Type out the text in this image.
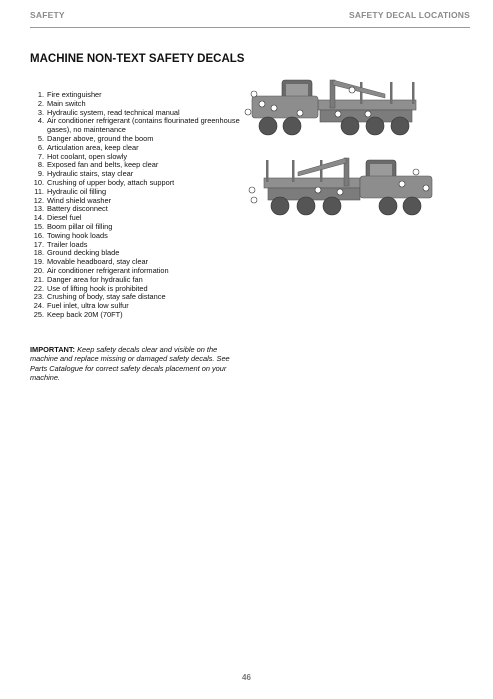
SAFETY	SAFETY DECAL LOCATIONS
MACHINE NON-TEXT SAFETY DECALS
1. Fire extinguisher
2. Main switch
3. Hydraulic system, read technical manual
4. Air conditioner refrigerant (contains flourinated greenhouse gases), no maintenance
5. Danger above, ground the boom
6. Articulation area, keep clear
7. Hot coolant, open slowly
8. Exposed fan and belts, keep clear
9. Hydraulic stairs, stay clear
10. Crushing of upper body, attach support
11. Hydraulic oil filling
12. Wind shield washer
13. Battery disconnect
14. Diesel fuel
15. Boom pillar oil filling
16. Towing hook loads
17. Trailer loads
18. Ground decking blade
19. Movable headboard, stay clear
20. Air conditioner refrigerant information
21. Danger area for hydraulic fan
22. Use of lifting hook is prohibited
23. Crushing of body, stay safe distance
24. Fuel inlet, ultra low sulfur
25. Keep back 20M (70FT)
IMPORTANT: Keep safety decals clear and visible on the machine and replace missing or damaged safety decals. See Parts Catalogue for correct safety decals placement on your machine.
46
